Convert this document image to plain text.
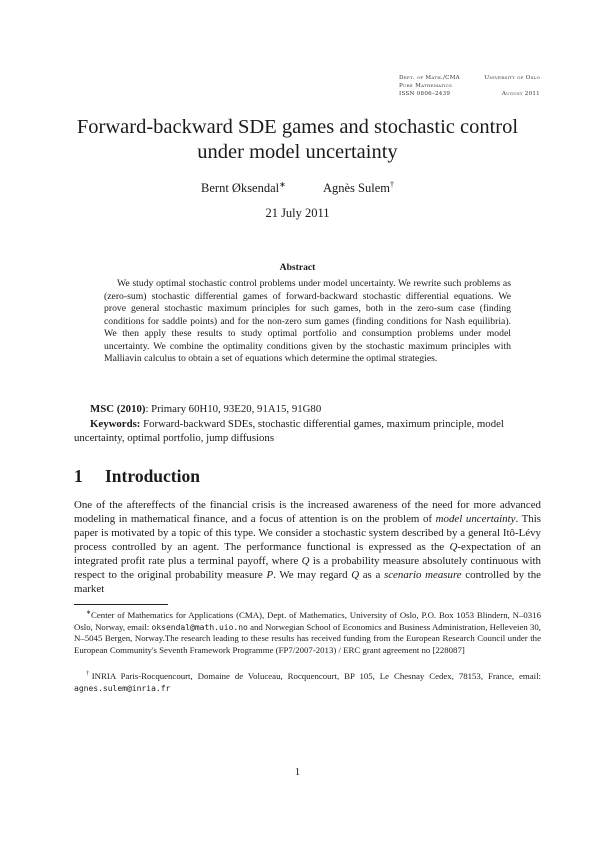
Dept. of Math./CMA
Pure Mathematics
ISSN 0806–2439
University of Oslo

August 2011
Forward-backward SDE games and stochastic control
under model uncertainty
Bernt Øksendal∗	Agnès Sulem†
21 July 2011
Abstract
We study optimal stochastic control problems under model uncertainty. We rewrite such problems as (zero-sum) stochastic differential games of forward-backward stochastic differential equations. We prove general stochastic maximum principles for such games, both in the zero-sum case (finding conditions for saddle points) and for the non-zero sum games (finding conditions for Nash equilibria). We then apply these results to study optimal portfolio and consumption problems under model uncertainty. We combine the optimality conditions given by the stochastic maximum principles with Malliavin calculus to obtain a set of equations which determine the optimal strategies.
MSC (2010): Primary 60H10, 93E20, 91A15, 91G80
Keywords: Forward-backward SDEs, stochastic differential games, maximum principle, model uncertainty, optimal portfolio, jump diffusions
1 Introduction
One of the aftereffects of the financial crisis is the increased awareness of the need for more advanced modeling in mathematical finance, and a focus of attention is on the problem of model uncertainty. This paper is motivated by a topic of this type. We consider a stochastic system described by a general Itô-Lévy process controlled by an agent. The performance functional is expressed as the Q-expectation of an integrated profit rate plus a terminal payoff, where Q is a probability measure absolutely continuous with respect to the original probability measure P. We may regard Q as a scenario measure controlled by the market
∗Center of Mathematics for Applications (CMA), Dept. of Mathematics, University of Oslo, P.O. Box 1053 Blindern, N–0316 Oslo, Norway, email: oksendal@math.uio.no and Norwegian School of Economics and Business Administration, Helleveien 30, N–5045 Bergen, Norway.The research leading to these results has received funding from the European Research Council under the European Community's Seventh Framework Programme (FP7/2007-2013) / ERC grant agreement no [228087]
†INRIA Paris-Rocquencourt, Domaine de Voluceau, Rocquencourt, BP 105, Le Chesnay Cedex, 78153, France, email: agnes.sulem@inria.fr
1
